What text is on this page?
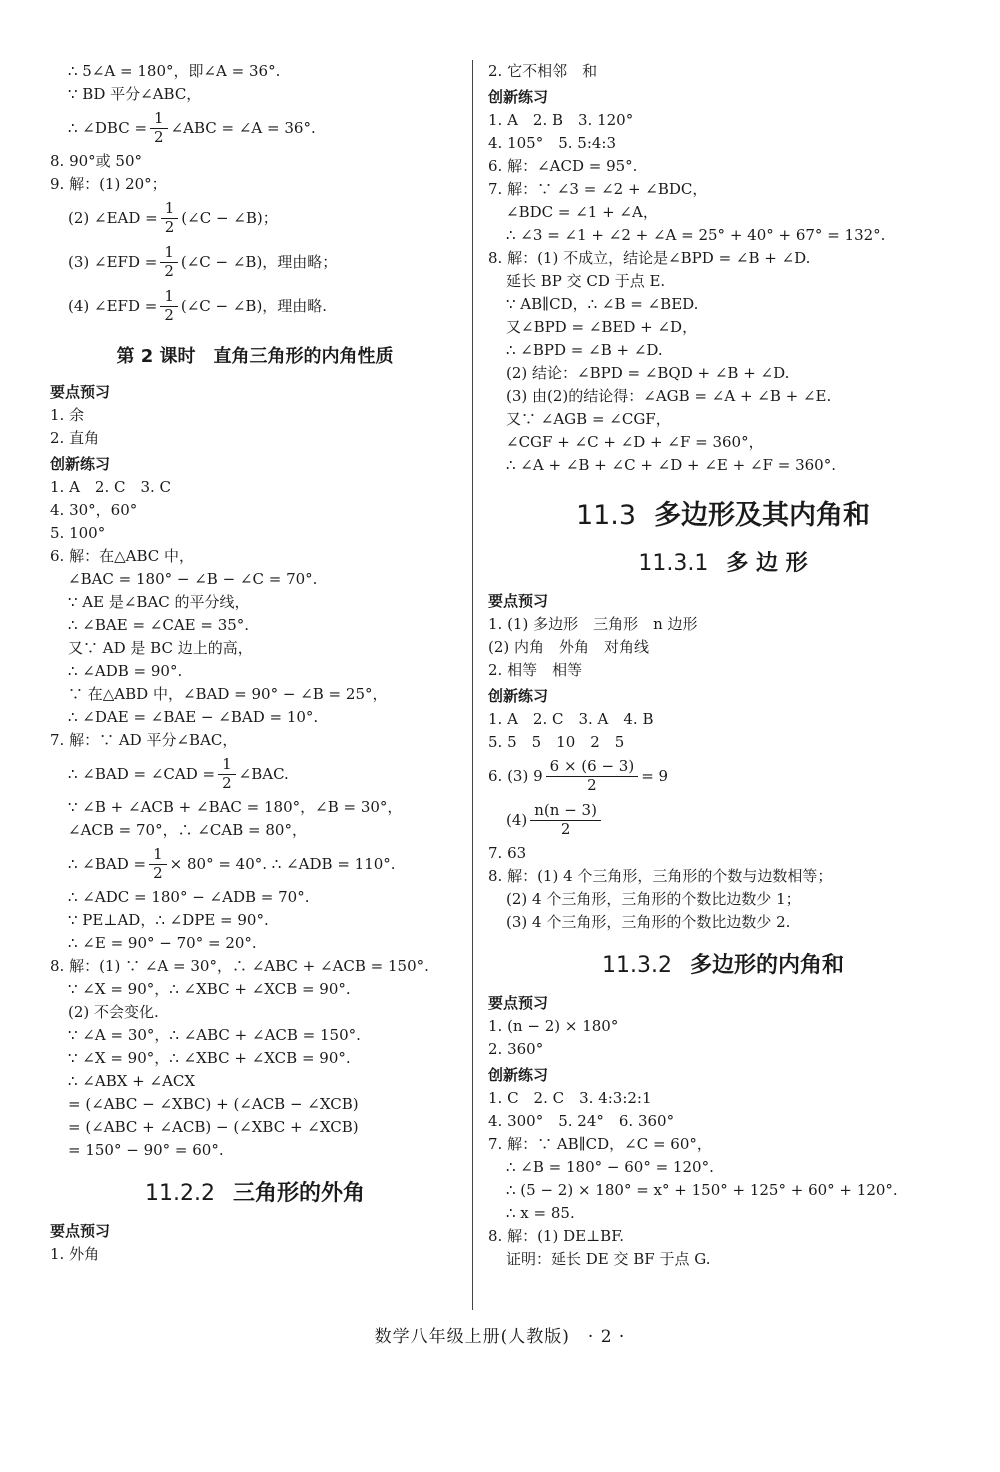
∴ 5∠A = 180°，即∠A = 36°.
∵ BD 平分∠ABC，
∴ ∠DBC = $\frac{1}{2}$ ∠ABC = ∠A = 36°.
8. 90°或 50°
9. 解：(1) 20°；
(2) ∠EAD = $\frac{1}{2}$ (∠C − ∠B)；
(3) ∠EFD = $\frac{1}{2}$ (∠C − ∠B)，理由略；
(4) ∠EFD = $\frac{1}{2}$ (∠C − ∠B)，理由略.
第 2 课时　直角三角形的内角性质
要点预习
1. 余
2. 直角
创新练习
1. A　2. C　3. C
4. 30°，60°
5. 100°
6. 解：在△ABC 中，
∠BAC = 180° − ∠B − ∠C = 70°.
∵ AE 是∠BAC 的平分线，
∴ ∠BAE = ∠CAE = 35°.
又∵ AD 是 BC 边上的高，
∴ ∠ADB = 90°.
∵ 在△ABD 中，∠BAD = 90° − ∠B = 25°，
∴ ∠DAE = ∠BAE − ∠BAD = 10°.
7. 解：∵ AD 平分∠BAC，
∴ ∠BAD = ∠CAD = $\frac{1}{2}$ ∠BAC.
∵ ∠B + ∠ACB + ∠BAC = 180°，∠B = 30°，
∠ACB = 70°，∴ ∠CAB = 80°，
∴ ∠BAD = $\frac{1}{2} \times 80^\circ = 40^\circ$. ∴ ∠ADB = 110°.
∴ ∠ADC = 180° − ∠ADB = 70°.
∵ PE⊥AD，∴ ∠DPE = 90°.
∴ ∠E = 90° − 70° = 20°.
8. 解：(1) ∵ ∠A = 30°，∴ ∠ABC + ∠ACB = 150°.
∵ ∠X = 90°，∴ ∠XBC + ∠XCB = 90°.
(2) 不会变化.
∵ ∠A = 30°，∴ ∠ABC + ∠ACB = 150°.
∵ ∠X = 90°，∴ ∠XBC + ∠XCB = 90°.
∴ ∠ABX + ∠ACX
= (∠ABC − ∠XBC) + (∠ACB − ∠XCB)
= (∠ABC + ∠ACB) − (∠XBC + ∠XCB)
= 150° − 90° = 60°.
11.2.2 三角形的外角
要点预习
1. 外角
2. 它不相邻　和
创新练习
1. A　2. B　3. 120°
4. 105°　5. 5:4:3
6. 解：∠ACD = 95°.
7. 解：∵ ∠3 = ∠2 + ∠BDC，
∠BDC = ∠1 + ∠A，
∴ ∠3 = ∠1 + ∠2 + ∠A = 25° + 40° + 67° = 132°.
8. 解：(1) 不成立，结论是∠BPD = ∠B + ∠D.
延长 BP 交 CD 于点 E.
∵ AB∥CD，∴ ∠B = ∠BED.
又∠BPD = ∠BED + ∠D，
∴ ∠BPD = ∠B + ∠D.
(2) 结论：∠BPD = ∠BQD + ∠B + ∠D.
(3) 由(2)的结论得：∠AGB = ∠A + ∠B + ∠E.
又∵ ∠AGB = ∠CGF，
∠CGF + ∠C + ∠D + ∠F = 360°，
∴ ∠A + ∠B + ∠C + ∠D + ∠E + ∠F = 360°.
11.3 多边形及其内角和
11.3.1 多 边 形
要点预习
1. (1) 多边形　三角形　n 边形
(2) 内角　外角　对角线
2. 相等　相等
创新练习
1. A　2. C　3. A　4. B
5. 5　5　10　2　5
6. (3) $9 \frac{6 \times (6 - 3)}{2} = 9$
$(4) \frac{n(n - 3)}{2}$
7. 63
8. 解：(1) 4 个三角形，三角形的个数与边数相等；
(2) 4 个三角形，三角形的个数比边数少 1；
(3) 4 个三角形，三角形的个数比边数少 2.
11.3.2 多边形的内角和
要点预习
1. (n − 2) × 180°
2. 360°
创新练习
1. C　2. C　3. 4:3:2:1
4. 300°　5. 24°　6. 360°
7. 解：∵ AB∥CD，∠C = 60°，
∴ ∠B = 180° − 60° = 120°.
∴ (5 − 2) × 180° = x° + 150° + 125° + 60° + 120°.
∴ x = 85.
8. 解：(1) DE⊥BF.
证明：延长 DE 交 BF 于点 G.
数学八年级上册(人教版)　· 2 ·
